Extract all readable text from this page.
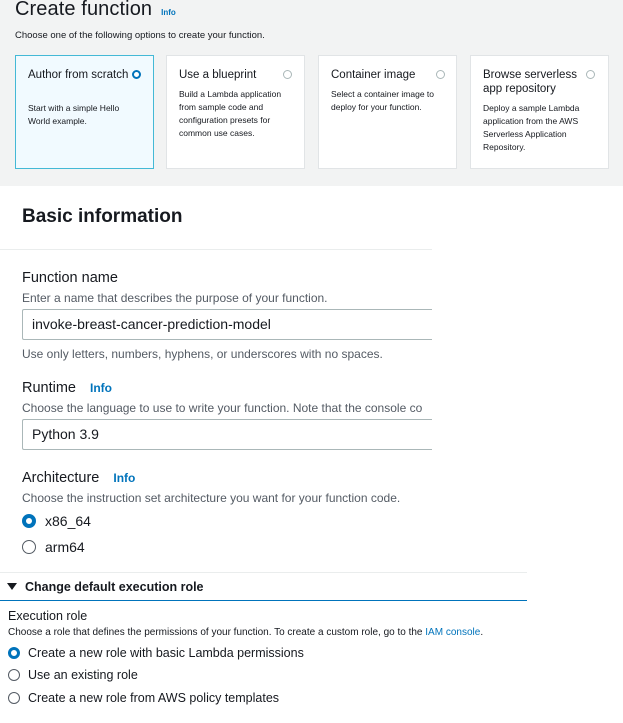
Create function Info
Choose one of the following options to create your function.
Author from scratch
Start with a simple Hello World example.
Use a blueprint
Build a Lambda application from sample code and configuration presets for common use cases.
Container image
Select a container image to deploy for your function.
Browse serverless app repository
Deploy a sample Lambda application from the AWS Serverless Application Repository.
Basic information
Function name
Enter a name that describes the purpose of your function.
invoke-breast-cancer-prediction-model
Use only letters, numbers, hyphens, or underscores with no spaces.
Runtime Info
Choose the language to use to write your function. Note that the console co
Python 3.9
Architecture Info
Choose the instruction set architecture you want for your function code.
x86_64
arm64
Change default execution role
Execution role
Choose a role that defines the permissions of your function. To create a custom role, go to the IAM console.
Create a new role with basic Lambda permissions
Use an existing role
Create a new role from AWS policy templates
